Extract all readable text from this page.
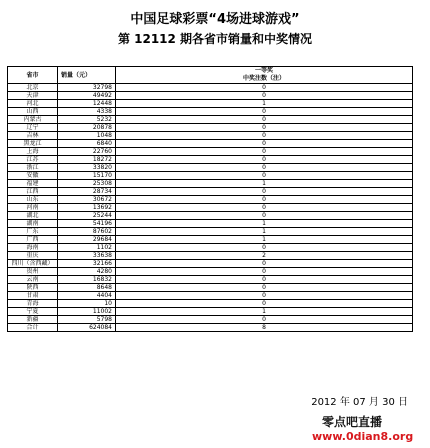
中国足球彩票“4场进球游戏”
第 12112 期各省市销量和中奖情况
省市	销量（元）	一等奖
中奖注数（注）

北京	32798	0
天津	49492	0
河北	12448	1
山西	4338	0
内蒙古	5232	0
辽宁	20878	0
吉林	1048	0
黑龙江	6840	0
上海	22760	0
江苏	18272	0
浙江	33820	0
安徽	15170	0
福建	25308	1
江西	28734	0
山东	30672	0
河南	13692	0
湖北	25244	0
湖南	54196	1
广东	87602	1
广西	29684	1
海南	1102	0
重庆	33638	2
四川（含西藏）	32166	0
贵州	4280	0
云南	16832	0
陕西	8648	0
甘肃	4404	0
青海	10	0
宁夏	11002	1
新疆	5798	0
合计	624084	8
2012 年 07 月 30 日
零点吧直播
www.0dian8.org
